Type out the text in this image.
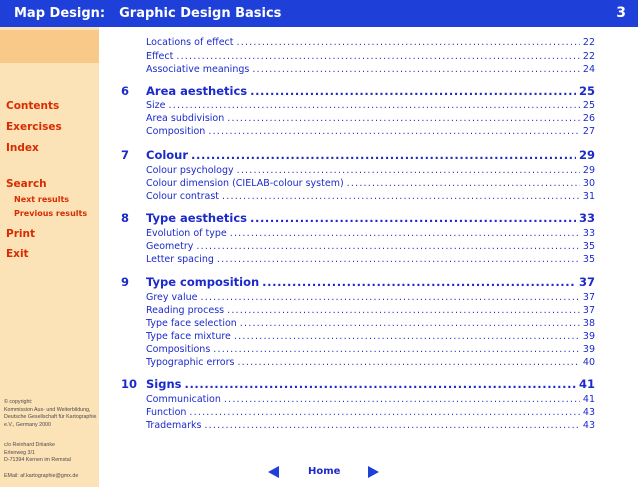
Map Design: Graphic Design Basics	3
Contents
Exercises
Index
Search
Next results
Previous results
Print
Exit
© copyright:
Kommission Aus- und Weiterbildung,
Deutsche Gesellschaft für Kartographie
e.V., Germany 2000
c/o Reinhard Driianke
Erlenweg 3/1
D-71394 Kernen im Remstal
EMail: af.kartographie@gmx.de
Locations of effect .....	22
Effect .....	22
Associative meanings .....	24
6 Area aesthetics .....	25
Size .....	25
Area subdivision .....	26
Composition .....	27
7 Colour .....	29
Colour psychology .....	29
Colour dimension (CIELAB-colour system) .....	30
Colour contrast .....	31
8 Type aesthetics .....	33
Evolution of type .....	33
Geometry .....	35
Letter spacing .....	35
9 Type composition .....	37
Grey value .....	37
Reading process .....	37
Type face selection .....	38
Type face mixture .....	39
Compositions .....	39
Typographic errors .....	40
10 Signs .....	41
Communication .....	41
Function .....	43
Trademarks .....	43
Home
